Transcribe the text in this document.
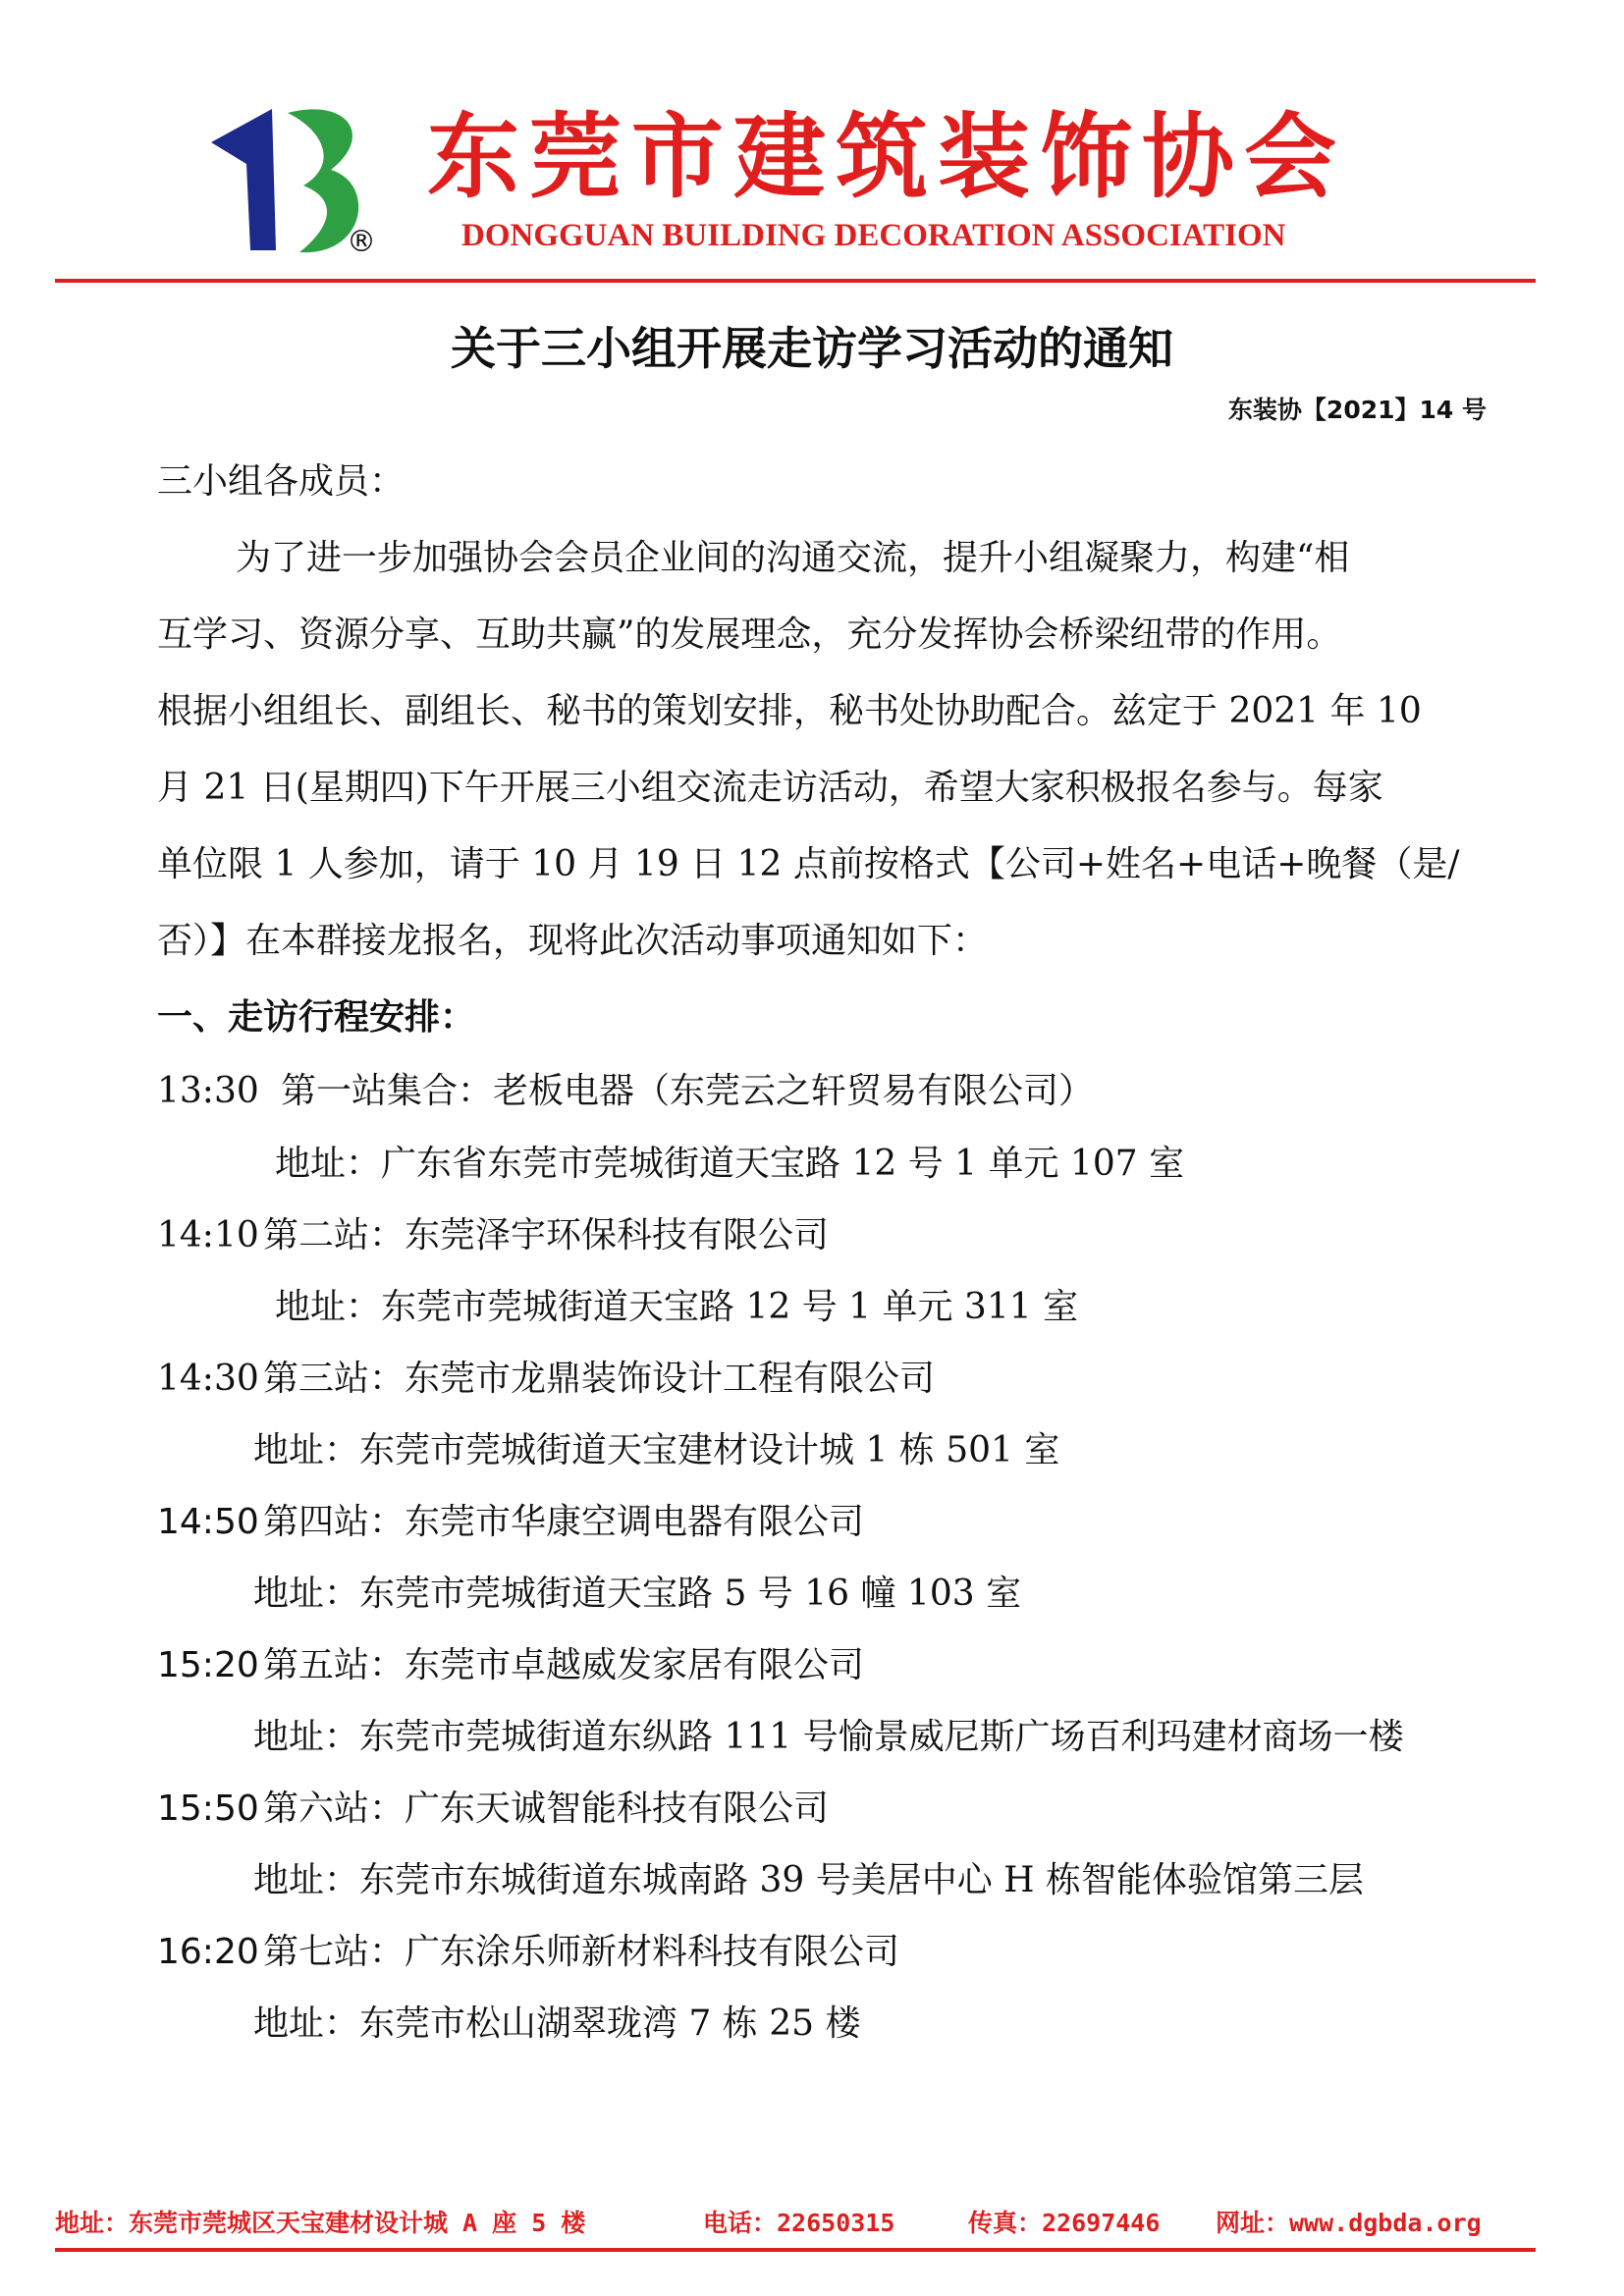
®
东莞市建筑装饰协会
DONGGUAN BUILDING DECORATION ASSOCIATION
关于三小组开展走访学习活动的通知
东装协【2021】14 号
三小组各成员：
为了进一步加强协会会员企业间的沟通交流，提升小组凝聚力，构建“相
互学习、资源分享、互助共赢”的发展理念，充分发挥协会桥梁纽带的作用。
根据小组组长、副组长、秘书的策划安排，秘书处协助配合。兹定于 2021 年 10
月 21 日(星期四)下午开展三小组交流走访活动，希望大家积极报名参与。每家
单位限 1 人参加，请于 10 月 19 日 12 点前按格式【公司+姓名+电话+晚餐（是/
否）】在本群接龙报名，现将此次活动事项通知如下：
一、走访行程安排：
13:30 第一站集合：老板电器（东莞云之轩贸易有限公司）
地址：广东省东莞市莞城街道天宝路 12 号 1 单元 107 室
14:10 第二站：东莞泽宇环保科技有限公司
地址：东莞市莞城街道天宝路 12 号 1 单元 311 室
14:30 第三站：东莞市龙鼎装饰设计工程有限公司
地址：东莞市莞城街道天宝建材设计城 1 栋 501 室
14:50 第四站：东莞市华康空调电器有限公司
地址：东莞市莞城街道天宝路 5 号 16 幢 103 室
15:20 第五站：东莞市卓越威发家居有限公司
地址：东莞市莞城街道东纵路 111 号愉景威尼斯广场百利玛建材商场一楼
15:50 第六站：广东天诚智能科技有限公司
地址：东莞市东城街道东城南路 39 号美居中心 H 栋智能体验馆第三层
16:20 第七站：广东涂乐师新材料科技有限公司
地址：东莞市松山湖翠珑湾 7 栋 25 楼
地址：东莞市莞城区天宝建材设计城 A 座 5 楼	电话：22650315	传真：22697446 网址：www.dgbda.org
